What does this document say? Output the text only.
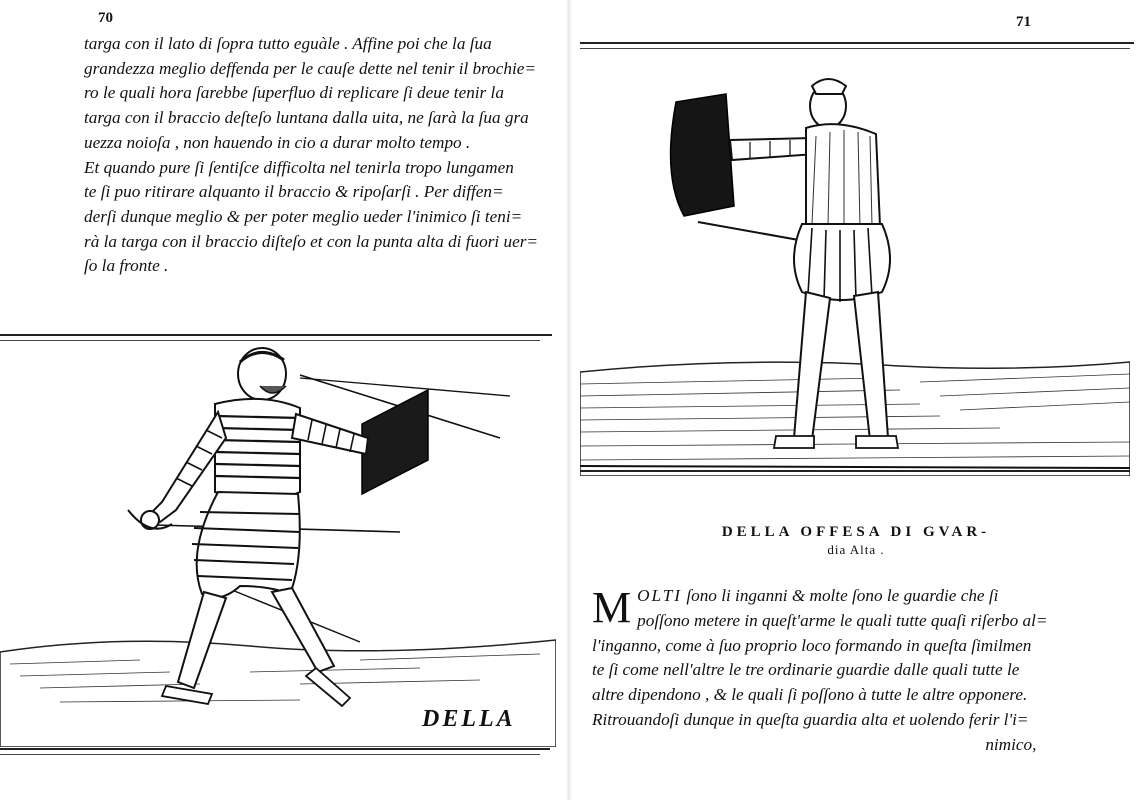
70
targa con il lato di ſopra tutto eguàle . Affine poi che la ſua
grandezza meglio deffenda per le cauſe dette nel tenir il brochie=
ro le quali hora ſarebbe ſuperfluo di replicare ſi deue tenir la
targa con il braccio deſteſo luntana dalla uita, ne ſarà la ſua gra
uezza noioſa , non hauendo in cio a durar molto tempo .
Et quando pure ſi ſentiſce difficolta nel tenirla tropo lungamen
te ſi puo ritirare alquanto il braccio & ripoſarſi . Per diffen=
derſi dunque meglio & per poter meglio ueder l'inimico ſi teni=
rà la targa con il braccio diſteſo et con la punta alta di fuori uer=
ſo la fronte .
DELLA
71
DELLA OFFESA DI GVAR-
dia Alta .
M OLTI ſono li inganni & molte ſono le guardie che ſi
poſſono metere in queſt'arme le quali tutte quaſi riſerbo al=
l'inganno, come à ſuo proprio loco formando in queſta ſimilmen
te ſi come nell'altre le tre ordinarie guardie dalle quali tutte le
altre dipendono , & le quali ſi poſſono à tutte le altre opponere.
Ritrouandoſi dunque in queſta guardia alta et uolendo ferir l'i=
nimico,
